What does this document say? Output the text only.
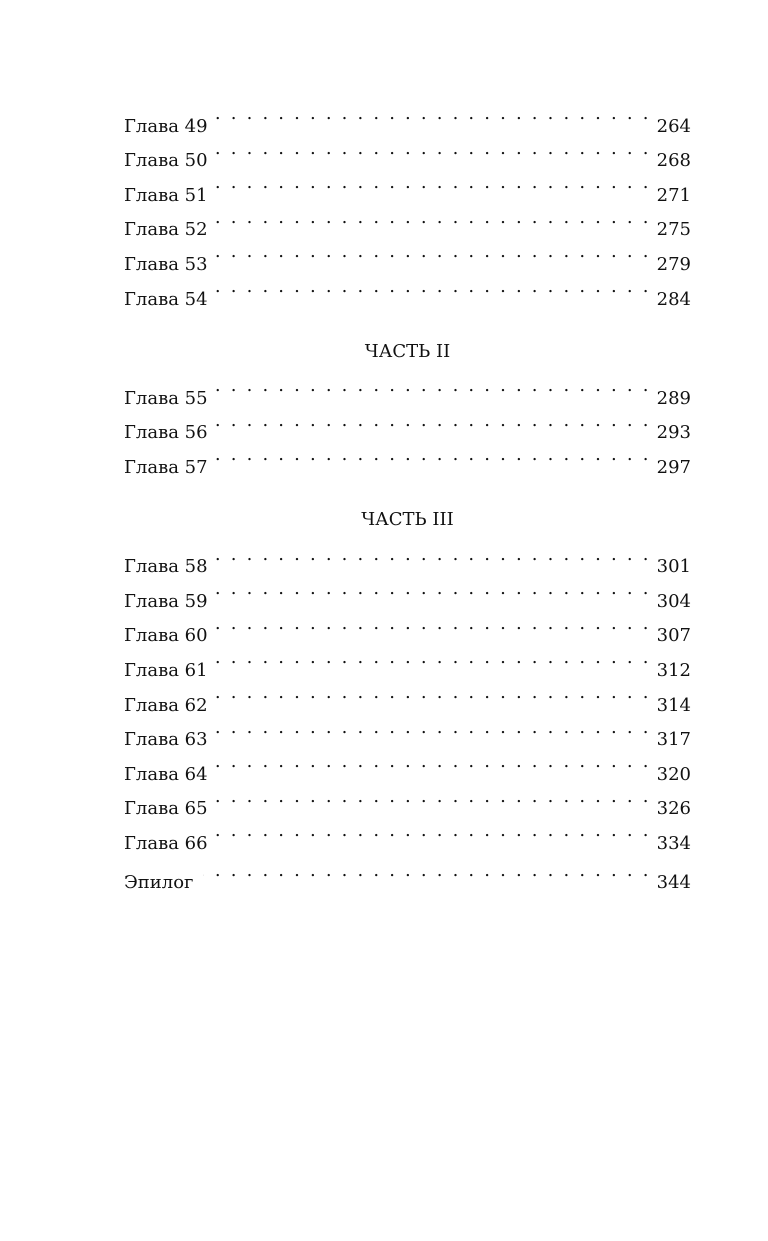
Глава 49 . . .	264
Глава 50 . . .	268
Глава 51 . . .	271
Глава 52 . . .	275
Глава 53 . . .	279
Глава 54 . . .	284
ЧАСТЬ II
Глава 55 . . .	289
Глава 56 . . .	293
Глава 57 . . .	297
ЧАСТЬ III
Глава 58 . . .	301
Глава 59 . . .	304
Глава 60 . . .	307
Глава 61 . . .	312
Глава 62 . . .	314
Глава 63 . . .	317
Глава 64 . . .	320
Глава 65 . . .	326
Глава 66 . . .	334
Эпилог . . .	344
